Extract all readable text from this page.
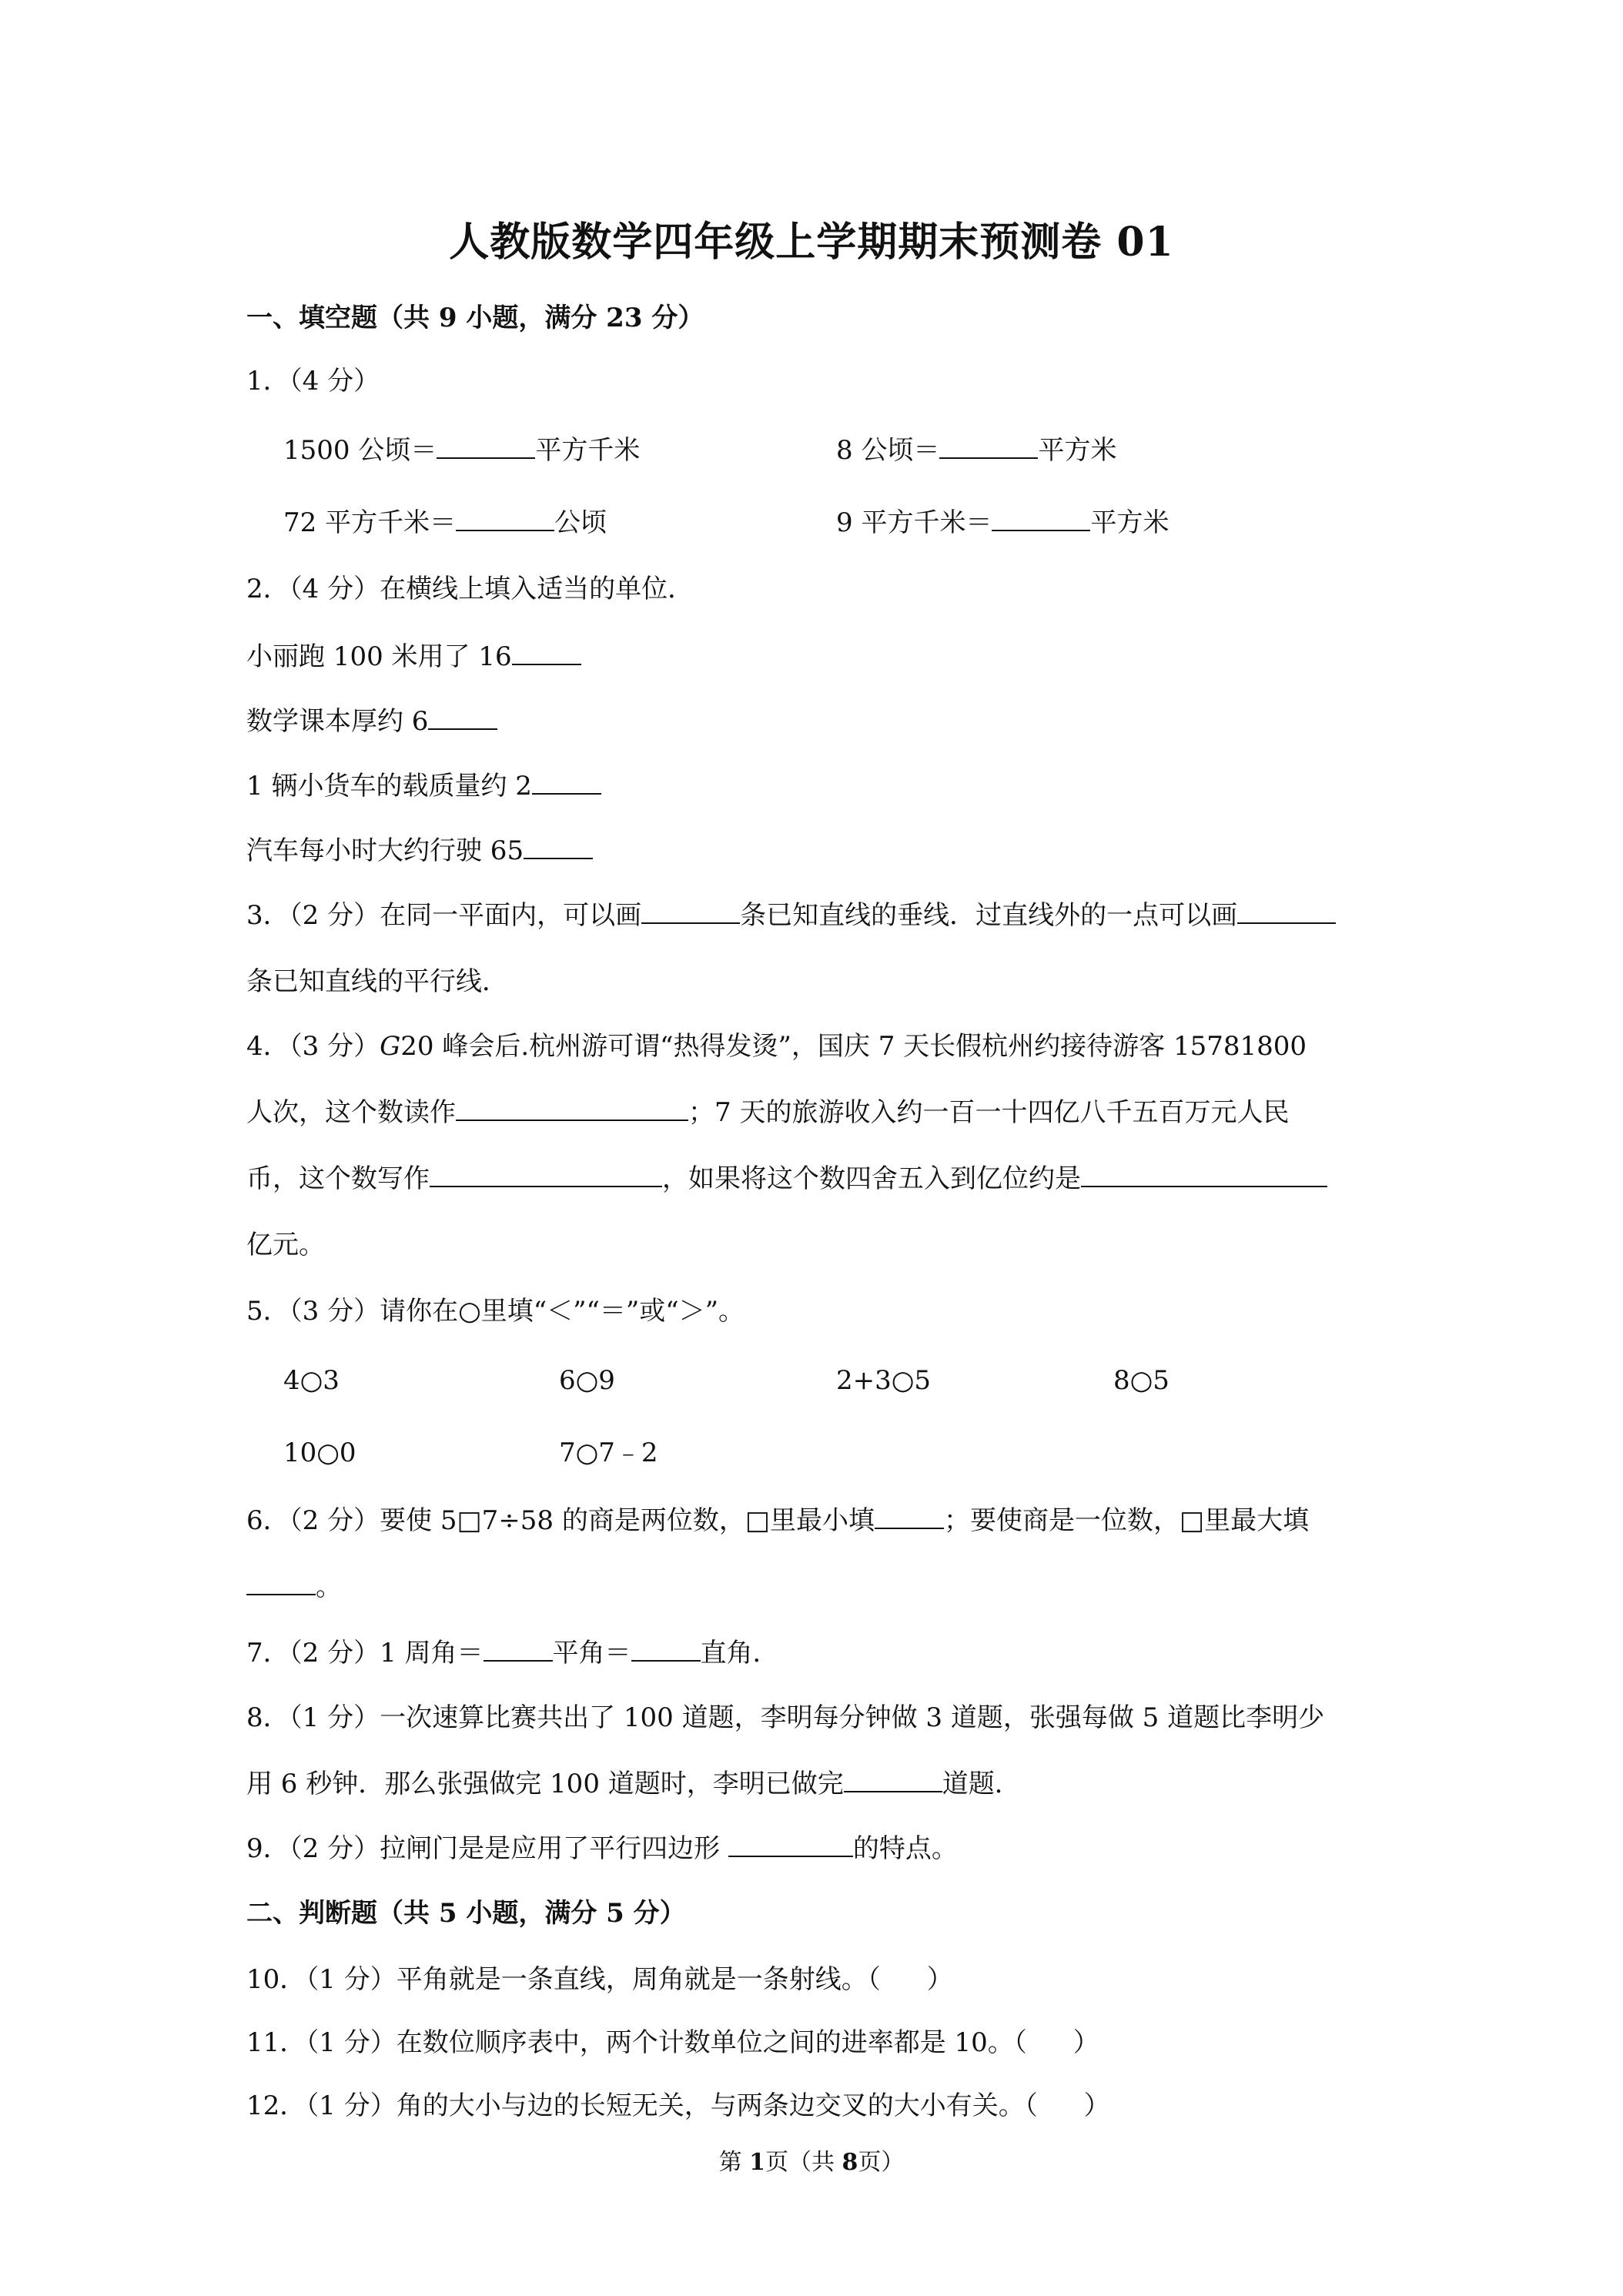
人教版数学四年级上学期期末预测卷 01
一、填空题（共 9 小题，满分 23 分）
1．（4 分）
1500 公顷＝	平方千米	8 公顷＝	平方米
72 平方千米＝	公顷	9 平方千米＝	平方米
2．（4 分）在横线上填入适当的单位．
小丽跑 100 米用了 16
数学课本厚约 6
1 辆小货车的载质量约 2
汽车每小时大约行驶 65
3．（2 分）在同一平面内，可以画	条已知直线的垂线．过直线外的一点可以画
条已知直线的平行线．
4．（3 分）G20 峰会后.杭州游可谓“热得发烫”，国庆 7 天长假杭州约接待游客 15781800
人次，这个数读作	；7 天的旅游收入约一百一十四亿八千五百万元人民
币，这个数写作	，如果将这个数四舍五入到亿位约是
亿元。
5．（3 分）请你在○里填“＜”“＝”或“＞”。
4○3	6○9	2+3○5	8○5
10○0	7○7﹣2
6．（2 分）要使 5□7÷58 的商是两位数，□里最小填	；要使商是一位数，□里最大填
。
7．（2 分）1 周角＝	平角＝	直角．
8．（1 分）一次速算比赛共出了 100 道题，李明每分钟做 3 道题，张强每做 5 道题比李明少
用 6 秒钟．那么张强做完 100 道题时，李明已做完	道题．
9．（2 分）拉闸门是是应用了平行四边形	的特点。
二、判断题（共 5 小题，满分 5 分）
10．（1 分）平角就是一条直线，周角就是一条射线。（ ）
11．（1 分）在数位顺序表中，两个计数单位之间的进率都是 10。（ ）
12．（1 分）角的大小与边的长短无关，与两条边交叉的大小有关。（ ）
第 1页（共 8页）
